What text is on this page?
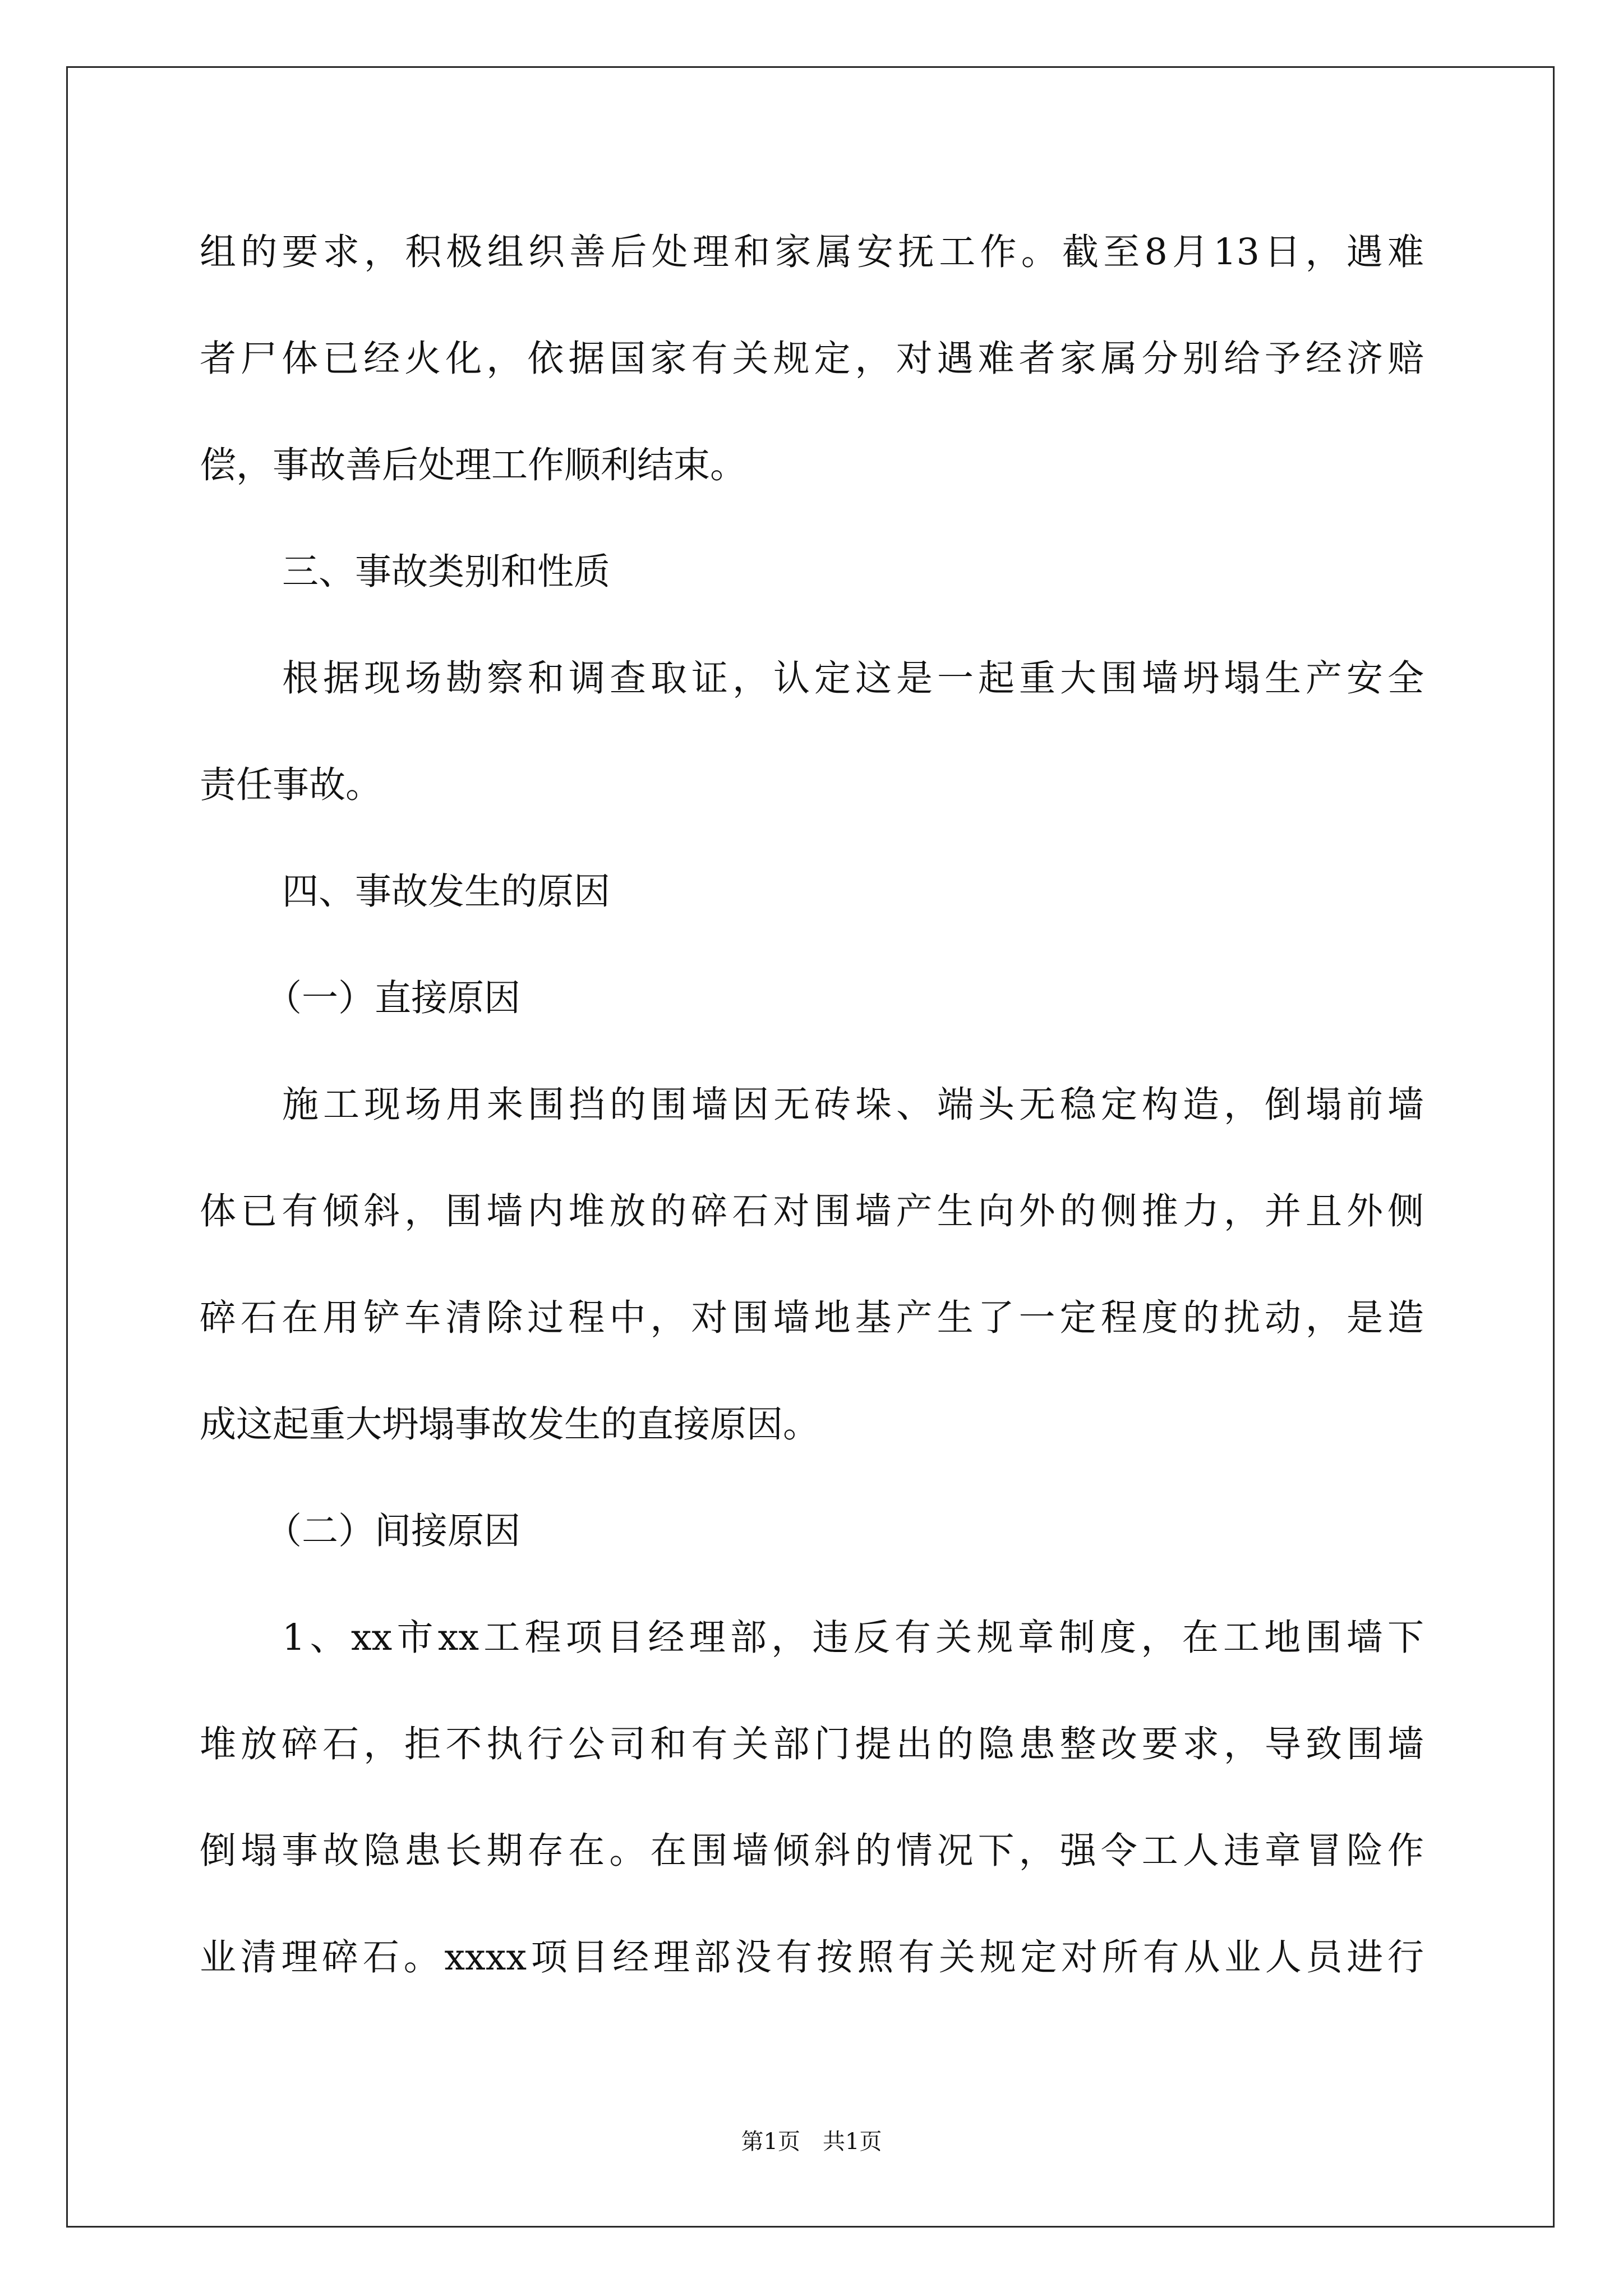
组的要求，积极组织善后处理和家属安抚工作。截至8月13日，遇难
者尸体已经火化，依据国家有关规定，对遇难者家属分别给予经济赔
偿，事故善后处理工作顺利结束。
三、事故类别和性质
根据现场勘察和调查取证，认定这是一起重大围墙坍塌生产安全
责任事故。
四、事故发生的原因
（一）直接原因
施工现场用来围挡的围墙因无砖垛、端头无稳定构造，倒塌前墙
体已有倾斜，围墙内堆放的碎石对围墙产生向外的侧推力，并且外侧
碎石在用铲车清除过程中，对围墙地基产生了一定程度的扰动，是造
成这起重大坍塌事故发生的直接原因。
（二）间接原因
1、xx市xx工程项目经理部，违反有关规章制度，在工地围墙下
堆放碎石，拒不执行公司和有关部门提出的隐患整改要求，导致围墙
倒塌事故隐患长期存在。在围墙倾斜的情况下，强令工人违章冒险作
业清理碎石。xxxx项目经理部没有按照有关规定对所有从业人员进行
第1页　共1页
